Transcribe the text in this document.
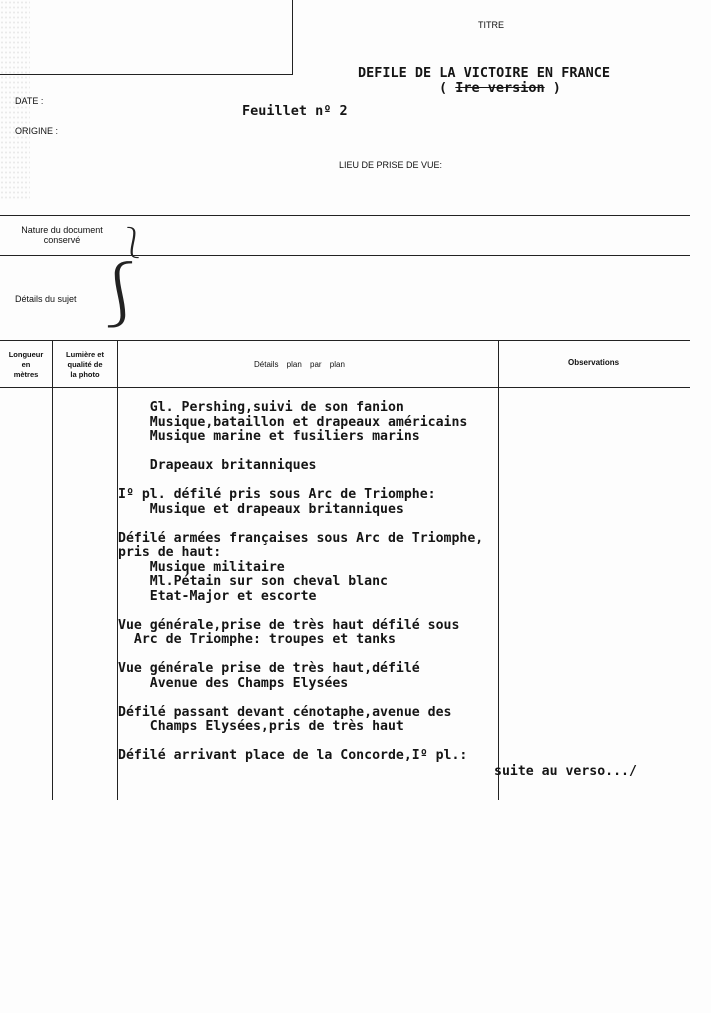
TITRE
DEFILE DE LA VICTOIRE EN FRANCE
( Ire version )
DATE :
Feuillet nº 2
ORIGINE :
LIEU DE PRISE DE VUE:
Nature du document
conservé	⎱
Détails du sujet ⎰
Longueur
en
mètres
Lumière et
qualité de
la photo
Détails plan par plan	Observations
Gl. Pershing,suivi de son fanion
Musique,bataillon et drapeaux américains
Musique marine et fusiliers marins
Drapeaux britanniques
Iº pl. défilé pris sous Arc de Triomphe:
Musique et drapeaux britanniques
Défilé armées françaises sous Arc de Triomphe,
pris de haut:
Musique militaire
Ml.Pétain sur son cheval blanc
Etat-Major et escorte
Vue générale,prise de très haut défilé sous
Arc de Triomphe: troupes et tanks
Vue générale prise de très haut,défilé
Avenue des Champs Elysées
Défilé passant devant cénotaphe,avenue des
Champs Elysées,pris de très haut
Défilé arrivant place de la Concorde,Iº pl.:
suite au verso.../
